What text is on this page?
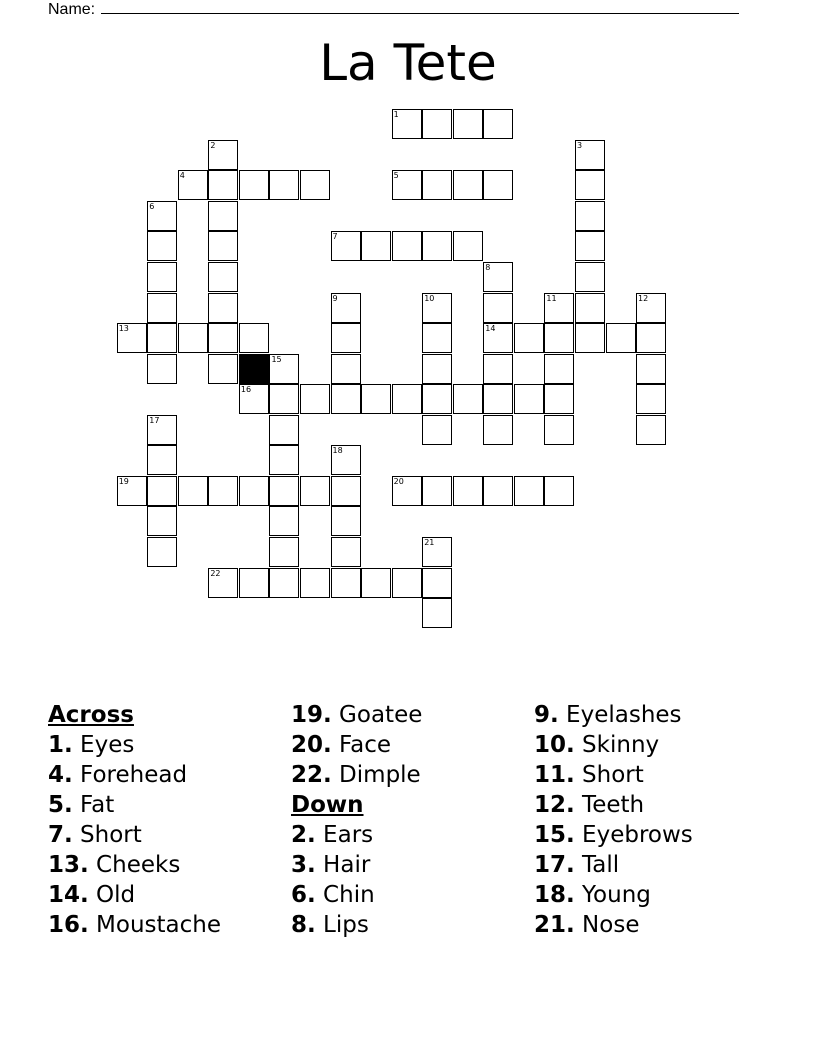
Name:
La Tete
1
2	3
4	5
6
7
8
9	10	11	12
13	14
15
16
17
18
19	20
21
22
Across
1. Eyes
4. Forehead
5. Fat
7. Short
13. Cheeks
14. Old
16. Moustache
19. Goatee
20. Face
22. Dimple
Down
2. Ears
3. Hair
6. Chin
8. Lips
9. Eyelashes
10. Skinny
11. Short
12. Teeth
15. Eyebrows
17. Tall
18. Young
21. Nose
